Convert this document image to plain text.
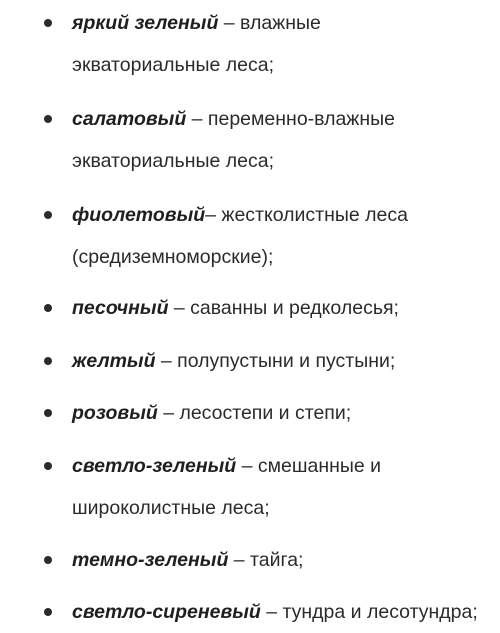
яркий зеленый – влажные
экваториальные леса;
салатовый – переменно-влажные
экваториальные леса;
фиолетовый– жестколистные леса
(средиземноморские);
песочный – саванны и редколесья;
желтый – полупустыни и пустыни;
розовый – лесостепи и степи;
светло-зеленый – смешанные и
широколистные леса;
темно-зеленый – тайга;
светло-сиреневый – тундра и лесотундра;
